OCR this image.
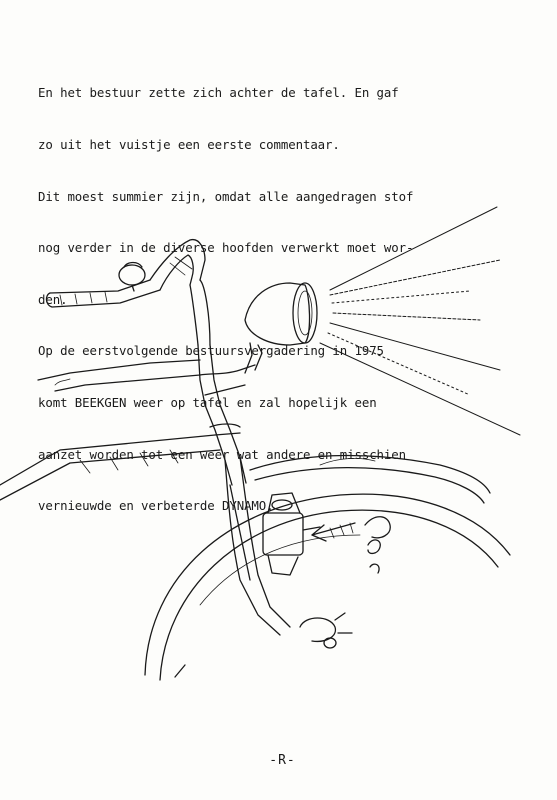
En het bestuur zette zich achter de tafel. En gaf

zo uit het vuistje een eerste commentaar.

Dit moest summier zijn, omdat alle aangedragen stof

nog verder in de diverse hoofden verwerkt moet wor-

den.

Op de eerstvolgende bestuursvergadering in 1975

komt BEEKGEN weer op tafel en zal hopelijk een

aanzet worden tot een weer wat andere en misschien

vernieuwde en verbeterde DYNAMO.

-R-
